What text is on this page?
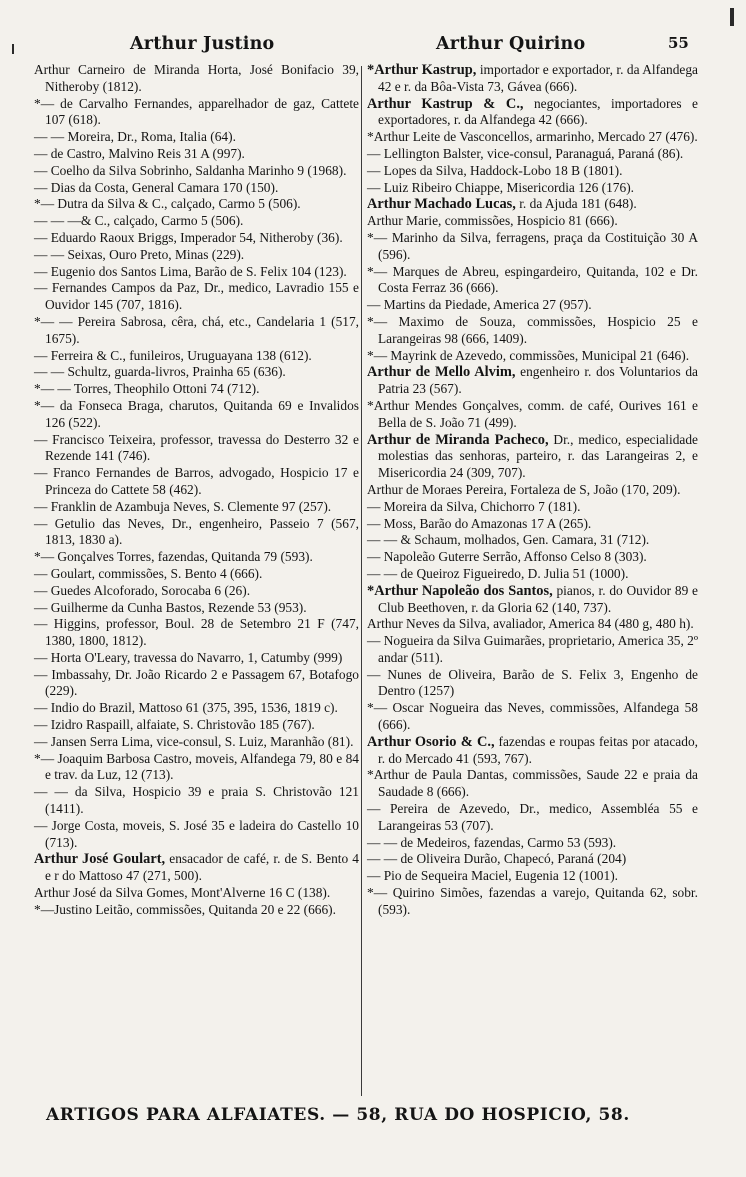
Arthur Justino	Arthur Quirino	55

Arthur Carneiro de Miranda Horta, José Bonifacio 39, Nitheroby (1812).

*— de Carvalho Fernandes, apparelhador de gaz, Cattete 107 (618).

— — Moreira, Dr., Roma, Italia (64).

— de Castro, Malvino Reis 31 A (997).

— Coelho da Silva Sobrinho, Saldanha Marinho 9 (1968).

— Dias da Costa, General Camara 170 (150).

*— Dutra da Silva & C., calçado, Carmo 5 (506).

— — —& C., calçado, Carmo 5 (506).

— Eduardo Raoux Briggs, Imperador 54, Nitheroby (36).

— — Seixas, Ouro Preto, Minas (229).

— Eugenio dos Santos Lima, Barão de S. Felix 104 (123).

— Fernandes Campos da Paz, Dr., medico, Lavradio 155 e Ouvidor 145 (707, 1816).

*— — Pereira Sabrosa, cêra, chá, etc., Candelaria 1 (517, 1675).

— Ferreira & C., funileiros, Uruguayana 138 (612).

— — Schultz, guarda-livros, Prainha 65 (636).

*— — Torres, Theophilo Ottoni 74 (712).

*— da Fonseca Braga, charutos, Quitanda 69 e Invalidos 126 (522).

— Francisco Teixeira, professor, travessa do Desterro 32 e Rezende 141 (746).

— Franco Fernandes de Barros, advogado, Hospicio 17 e Princeza do Cattete 58 (462).

— Franklin de Azambuja Neves, S. Clemente 97 (257).

— Getulio das Neves, Dr., engenheiro, Passeio 7 (567, 1813, 1830 a).

*— Gonçalves Torres, fazendas, Quitanda 79 (593).

— Goulart, commissões, S. Bento 4 (666).

— Guedes Alcoforado, Sorocaba 6 (26).

— Guilherme da Cunha Bastos, Rezende 53 (953).

— Higgins, professor, Boul. 28 de Setembro 21 F (747, 1380, 1800, 1812).

— Horta O'Leary, travessa do Navarro, 1, Catumby (999)

— Imbassahy, Dr. João Ricardo 2 e Passagem 67, Botafogo (229).

— Indio do Brazil, Mattoso 61 (375, 395, 1536, 1819 c).

— Izidro Raspaill, alfaiate, S. Christovão 185 (767).

— Jansen Serra Lima, vice-consul, S. Luiz, Maranhão (81).

*— Joaquim Barbosa Castro, moveis, Alfandega 79, 80 e 84 e trav. da Luz, 12 (713).

— — da Silva, Hospicio 39 e praia S. Christovão 121 (1411).

— Jorge Costa, moveis, S. José 35 e ladeira do Castello 10 (713).

Arthur José Goulart, ensacador de café, r. de S. Bento 4 e r do Mattoso 47 (271, 500).

Arthur José da Silva Gomes, Mont'Alverne 16 C (138).

*—Justino Leitão, commissões, Quitanda 20 e 22 (666).

*Arthur Kastrup, importador e exportador, r. da Alfandega 42 e r. da Bôa-Vista 73, Gávea (666).

Arthur Kastrup & C., negociantes, importadores e exportadores, r. da Alfandega 42 (666).

*Arthur Leite de Vasconcellos, armarinho, Mercado 27 (476).

— Lellington Balster, vice-consul, Paranaguá, Paraná (86).

— Lopes da Silva, Haddock-Lobo 18 B (1801).

— Luiz Ribeiro Chiappe, Misericordia 126 (176).

Arthur Machado Lucas, r. da Ajuda 181 (648).

Arthur Marie, commissões, Hospicio 81 (666).

*— Marinho da Silva, ferragens, praça da Costituição 30 A (596).

*— Marques de Abreu, espingardeiro, Quitanda, 102 e Dr. Costa Ferraz 36 (666).

— Martins da Piedade, America 27 (957).

*— Maximo de Souza, commissões, Hospicio 25 e Larangeiras 98 (666, 1409).

*— Mayrink de Azevedo, commissões, Municipal 21 (646).

Arthur de Mello Alvim, engenheiro r. dos Voluntarios da Patria 23 (567).

*Arthur Mendes Gonçalves, comm. de café, Ourives 161 e Bella de S. João 71 (499).

Arthur de Miranda Pacheco, Dr., medico, especialidade molestias das senhoras, parteiro, r. das Larangeiras 2, e Misericordia 24 (309, 707).

Arthur de Moraes Pereira, Fortaleza de S, João (170, 209).

— Moreira da Silva, Chichorro 7 (181).

— Moss, Barão do Amazonas 17 A (265).

— — & Schaum, molhados, Gen. Camara, 31 (712).

— Napoleão Guterre Serrão, Affonso Celso 8 (303).

— — de Queiroz Figueiredo, D. Julia 51 (1000).

*Arthur Napoleão dos Santos, pianos, r. do Ouvidor 89 e Club Beethoven, r. da Gloria 62 (140, 737).

Arthur Neves da Silva, avaliador, America 84 (480 g, 480 h).

— Nogueira da Silva Guimarães, proprietario, America 35, 2º andar (511).

— Nunes de Oliveira, Barão de S. Felix 3, Engenho de Dentro (1257)

*— Oscar Nogueira das Neves, commissões, Alfandega 58 (666).

Arthur Osorio & C., fazendas e roupas feitas por atacado, r. do Mercado 41 (593, 767).

*Arthur de Paula Dantas, commissões, Saude 22 e praia da Saudade 8 (666).

— Pereira de Azevedo, Dr., medico, Assembléa 55 e Larangeiras 53 (707).

— — de Medeiros, fazendas, Carmo 53 (593).

— — de Oliveira Durão, Chapecó, Paraná (204)

— Pio de Sequeira Maciel, Eugenia 12 (1001).

*— Quirino Simões, fazendas a varejo, Quitanda 62, sobr. (593).

ARTIGOS PARA ALFAIATES. — 58, RUA DO HOSPICIO, 58.
